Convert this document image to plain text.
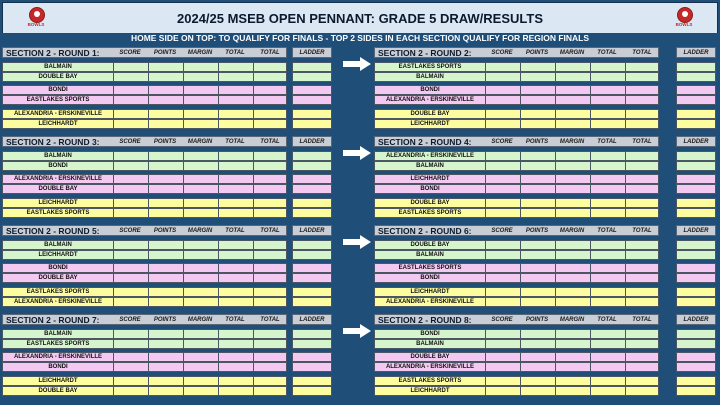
BOWLS	2024/25 MSEB OPEN PENNANT: GRADE 5 DRAW/RESULTS	BOWLS
HOME SIDE ON TOP: TO QUALIFY FOR FINALS - TOP 2 SIDES IN EACH SECTION QUALIFY FOR REGION FINALS
SECTION 2 - ROUND 1:	SCORE	POINTS	MARGIN	TOTAL	TOTAL	LADDER
BALMAIN
DOUBLE BAY
BONDI
EASTLAKES SPORTS
ALEXANDRIA - ERSKINEVILLE
LEICHHARDT
SECTION 2 - ROUND 2:	SCORE	POINTS	MARGIN	TOTAL	TOTAL	LADDER
EASTLAKES SPORTS
BALMAIN
BONDI
ALEXANDRIA - ERSKINEVILLE
DOUBLE BAY
LEICHHARDT
SECTION 2 - ROUND 3:	SCORE	POINTS	MARGIN	TOTAL	TOTAL	LADDER
BALMAIN
BONDI
ALEXANDRIA - ERSKINEVILLE
DOUBLE BAY
LEICHHARDT
EASTLAKES SPORTS
SECTION 2 - ROUND 4:	SCORE	POINTS	MARGIN	TOTAL	TOTAL	LADDER
ALEXANDRIA - ERSKINEVILLE
BALMAIN
LEICHHARDT
BONDI
DOUBLE BAY
EASTLAKES SPORTS
SECTION 2 - ROUND 5:	SCORE	POINTS	MARGIN	TOTAL	TOTAL	LADDER
BALMAIN
LEICHHARDT
BONDI
DOUBLE BAY
EASTLAKES SPORTS
ALEXANDRIA - ERSKINEVILLE
SECTION 2 - ROUND 6:	SCORE	POINTS	MARGIN	TOTAL	TOTAL	LADDER
DOUBLE BAY
BALMAIN
EASTLAKES SPORTS
BONDI
LEICHHARDT
ALEXANDRIA - ERSKINEVILLE
SECTION 2 - ROUND 7:	SCORE	POINTS	MARGIN	TOTAL	TOTAL	LADDER
BALMAIN
EASTLAKES SPORTS
ALEXANDRIA - ERSKINEVILLE
BONDI
LEICHHARDT
DOUBLE BAY
SECTION 2 - ROUND 8:	SCORE	POINTS	MARGIN	TOTAL	TOTAL	LADDER
BONDI
BALMAIN
DOUBLE BAY
ALEXANDRIA - ERSKINEVILLE
EASTLAKES SPORTS
LEICHHARDT
